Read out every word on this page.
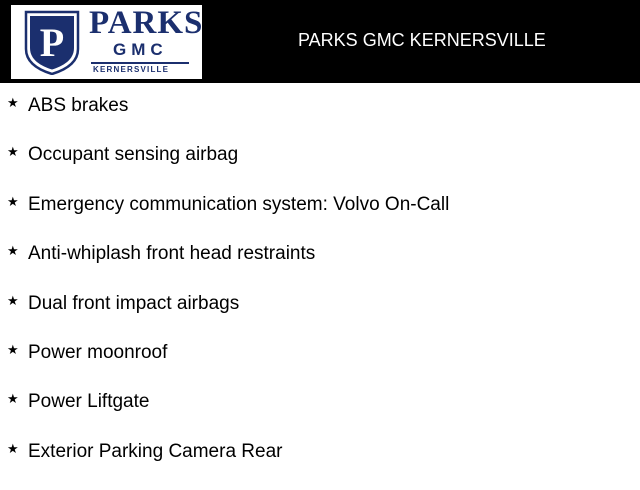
P PARKS
GMC
KERNERSVILLE
PARKS GMC KERNERSVILLE
★ ABS brakes
★ Occupant sensing airbag
★ Emergency communication system: Volvo On-Call
★ Anti-whiplash front head restraints
★ Dual front impact airbags
★ Power moonroof
★ Power Liftgate
★ Exterior Parking Camera Rear
